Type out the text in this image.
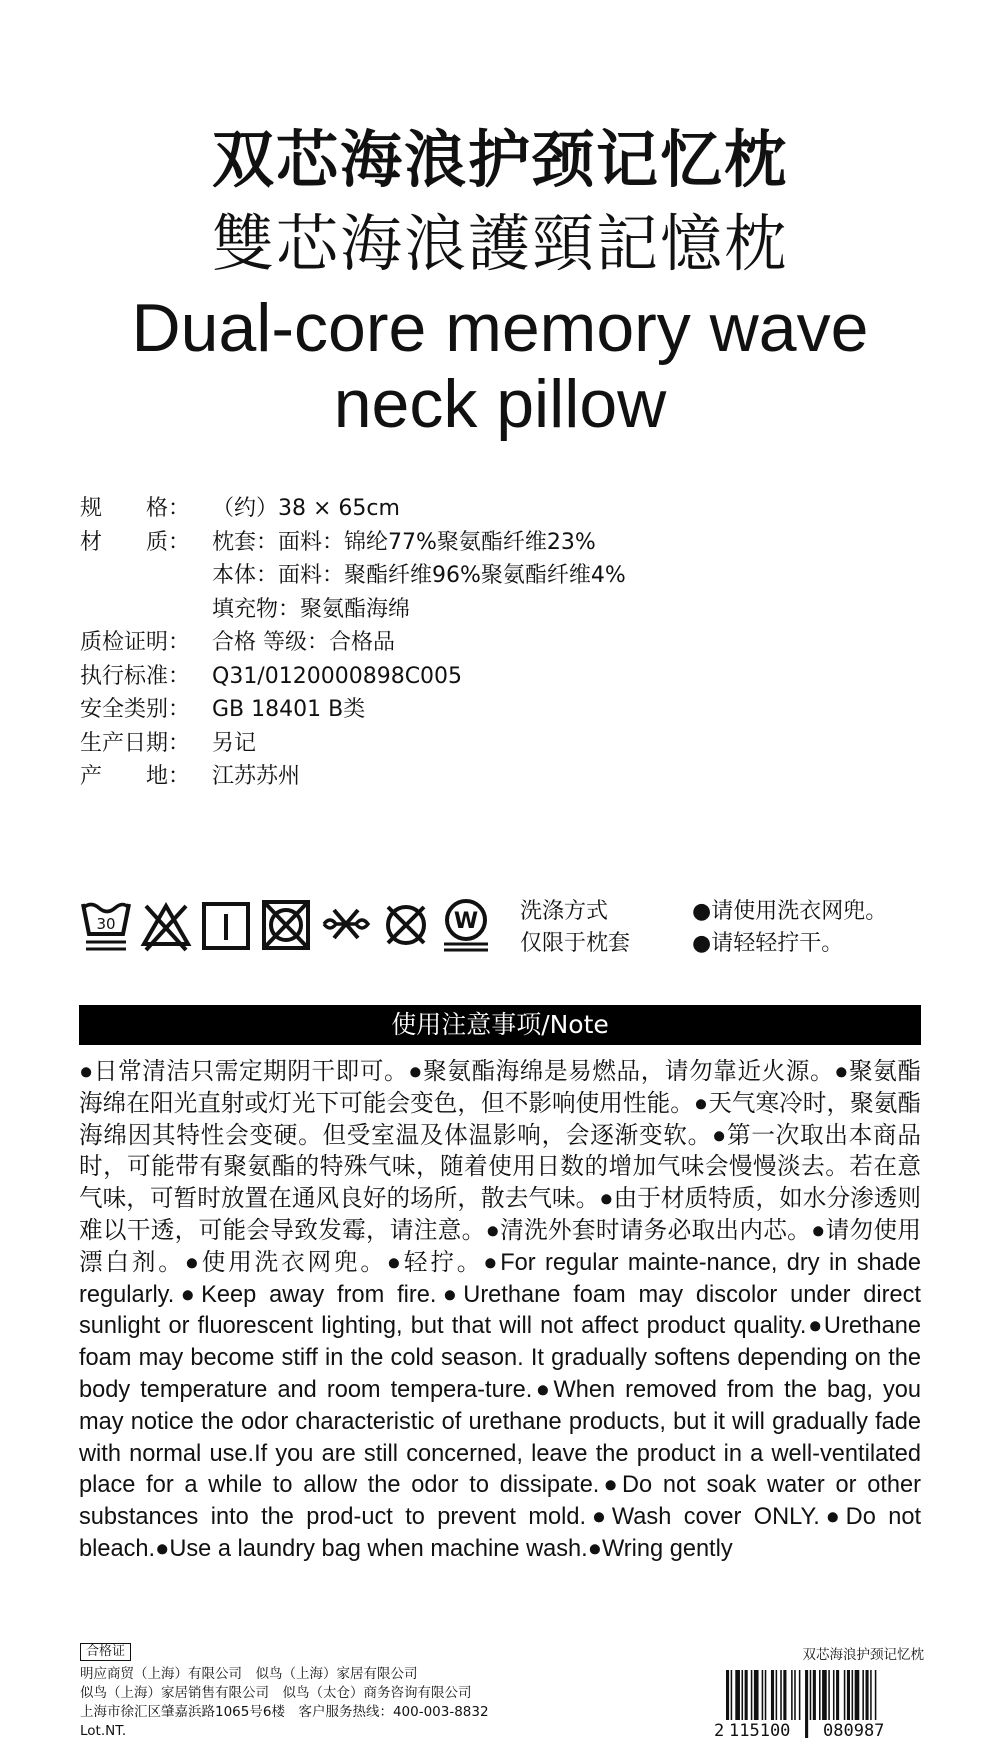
双芯海浪护颈记忆枕
雙芯海浪護頸記憶枕
Dual-core memory wave
neck pillow
规　　格： （约）38 × 65cm
材　　质： 枕套：面料：锦纶77%聚氨酯纤维23%
本体：面料：聚酯纤维96%聚氨酯纤维4%
填充物：聚氨酯海绵
质检证明： 合格 等级：合格品
执行标准： Q31/0120000898C005
安全类别： GB 18401 B类
生产日期： 另记
产　　地： 江苏苏州
30	W 洗涤方式
仅限于枕套
●请使用洗衣网兜。
●请轻轻拧干。
使用注意事项/Note
●日常清洁只需定期阴干即可。●聚氨酯海绵是易燃品，请勿靠近火源。●聚氨酯海绵在阳光直射或灯光下可能会变色，但不影响使用性能。●天气寒冷时，聚氨酯海绵因其特性会变硬。但受室温及体温影响，会逐渐变软。●第一次取出本商品时，可能带有聚氨酯的特殊气味，随着使用日数的增加气味会慢慢淡去。若在意气味，可暂时放置在通风良好的场所，散去气味。●由于材质特质，如水分渗透则难以干透，可能会导致发霉，请注意。●清洗外套时请务必取出内芯。●请勿使用漂白剂。●使用洗衣网兜。●轻拧。●For regular mainte-nance, dry in shade regularly.●Keep away from fire.●Urethane foam may discolor under direct sunlight or fluorescent lighting, but that will not affect product quality.●Urethane foam may become stiff in the cold season. It gradually softens depending on the body temperature and room tempera-ture.●When removed from the bag, you may notice the odor characteristic of urethane products, but it will gradually fade with normal use.If you are still concerned, leave the product in a well-ventilated place for a while to allow the odor to dissipate.●Do not soak water or other substances into the prod-uct to prevent mold.●Wash cover ONLY.●Do not bleach.●Use a laundry bag when machine wash.●Wring gently
合格证
明应商贸（上海）有限公司　似鸟（上海）家居有限公司
似鸟（上海）家居销售有限公司　似鸟（太仓）商务咨询有限公司
上海市徐汇区肇嘉浜路1065号6楼　客户服务热线：400-003-8832
Lot.NT.
双芯海浪护颈记忆枕
2 115100 080987
